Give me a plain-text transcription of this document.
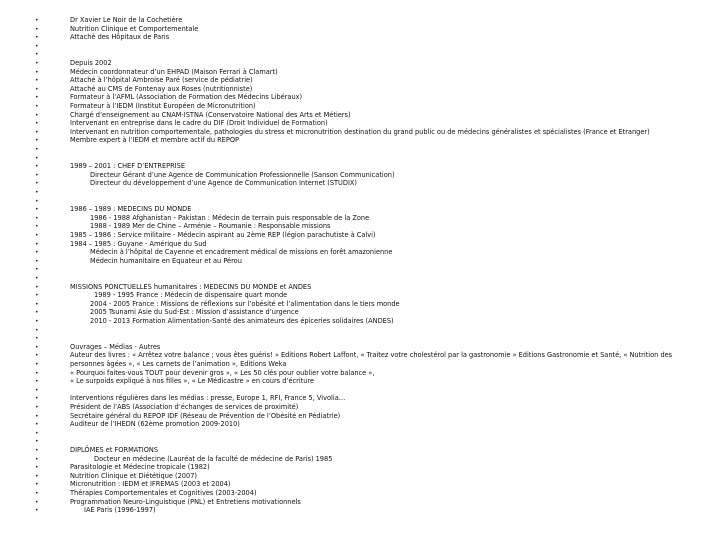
•	Dr Xavier Le Noir de la Cochetière
•	Nutrition Clinique et Comportementale
•	Attaché des Hôpitaux de Paris
•
•
•	Depuis 2002
•	Médecin coordonnateur d’un EHPAD (Maison Ferrari à Clamart)
•	Attaché à l’hôpital Ambroise Paré (service de pédiatrie)
•	Attaché au CMS de Fontenay aux Roses (nutritionniste)
•	Formateur à l’AFML (Association de Formation des Médecins Libéraux)
•	Formateur à l’IEDM (Institut Européen de Micronutrition)
•	Chargé d’enseignement au CNAM-ISTNA (Conservatoire National des Arts et Métiers)
•	Intervenant en entreprise dans le cadre du DIF (Droit Individuel de Formation)
•	Intervenant en nutrition comportementale, pathologies du stress et micronutrition destination du grand public ou de médecins généralistes et spécialistes (France et Etranger)
•	Membre expert à l’IEDM et membre actif du REPOP
•
•
•	1989 – 2001 : CHEF D’ENTREPRISE
•	Directeur Gérant d’une Agence de Communication Professionnelle (Sanson Communication)
•	Directeur du développement d’une Agence de Communication Internet (STUDIX)
•
•
•	1986 – 1989 : MEDECINS DU MONDE
•	1986 - 1988 Afghanistan - Pakistan : Médecin de terrain puis responsable de la Zone
•	1988 - 1989 Mer de Chine – Arménie – Roumanie : Responsable missions
•	1985 – 1986 : Service militaire - Médecin aspirant au 2ème REP (légion parachutiste à Calvi)
•	1984 – 1985 : Guyane - Amérique du Sud
•	Médecin à l’hôpital de Cayenne et encadrement médical de missions en forêt amazonienne
•	Médecin humanitaire en Equateur et au Pérou
•
•
•	MISSIONS PONCTUELLES humanitaires : MEDECINS DU MONDE et ANDES
•	1989 - 1995 France : Médecin de dispensaire quart monde
•	2004 - 2005 France : Missions de réflexions sur l’obésité et l’alimentation dans le tiers monde
•	2005 Tsunami Asie du Sud-Est : Mission d’assistance d’urgence
•	2010 - 2013 Formation Alimentation-Santé des animateurs des épiceries solidaires (ANDES)
•
•
•	Ouvrages – Médias - Autres
•	Auteur des livres : « Arrêtez votre balance ; vous êtes guéris! » Editions Robert Laffont, « Traitez votre cholestérol par la gastronomie » Editions Gastronomie et Santé, « Nutrition des
•	personnes âgées », « Les carnets de l’animation », Editions Weka
•	« Pourquoi faites-vous TOUT pour devenir gros », « Les 50 clés pour oublier votre balance »,
•	« Le surpoids expliqué à nos filles », « Le Médicastre » en cours d’écriture
•
•	Interventions régulières dans les médias : presse, Europe 1, RFI, France 5, Vivolia…
•	Président de l’ABS (Association d’échanges de services de proximité)
•	Secrétaire général du REPOP IDF (Réseau de Prévention de l’Obésité en Pédiatrie)
•	Auditeur de l’IHEDN (62ème promotion 2009-2010)
•
•
•	DIPLÔMES et FORMATIONS
•	Docteur en médecine (Lauréat de la faculté de médecine de Paris) 1985
•	Parasitologie et Médecine tropicale (1982)
•	Nutrition Clinique et Diététique (2007)
•	Micronutrition : IEDM et IFREMAS (2003 et 2004)
•	Thérapies Comportementales et Cognitives (2003-2004)
•	Programmation Neuro-Linguistique (PNL) et Entretiens motivationnels
•	IAE Paris (1996-1997)
